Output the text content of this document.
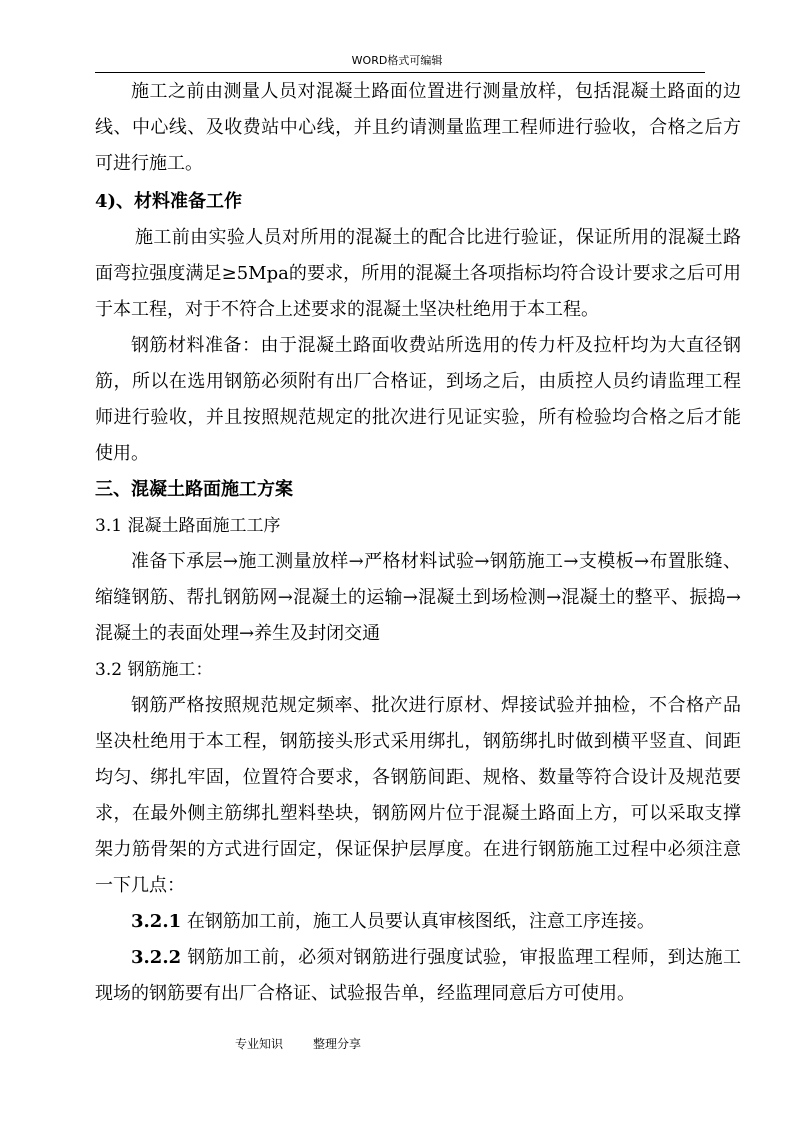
WORD格式可编辑

施工之前由测量人员对混凝土路面位置进行测量放样，包括混凝土路面的边线、中心线、及收费站中心线，并且约请测量监理工程师进行验收，合格之后方可进行施工。

4)、材料准备工作

施工前由实验人员对所用的混凝土的配合比进行验证，保证所用的混凝土路面弯拉强度满足≥5Mpa的要求，所用的混凝土各项指标均符合设计要求之后可用于本工程，对于不符合上述要求的混凝土坚决杜绝用于本工程。

钢筋材料准备：由于混凝土路面收费站所选用的传力杆及拉杆均为大直径钢筋，所以在选用钢筋必须附有出厂合格证，到场之后，由质控人员约请监理工程师进行验收，并且按照规范规定的批次进行见证实验，所有检验均合格之后才能使用。

三、混凝土路面施工方案

3.1 混凝土路面施工工序

准备下承层→施工测量放样→严格材料试验→钢筋施工→支模板→布置胀缝、缩缝钢筋、帮扎钢筋网→混凝土的运输→混凝土到场检测→混凝土的整平、振捣→混凝土的表面处理→养生及封闭交通

3.2 钢筋施工：

钢筋严格按照规范规定频率、批次进行原材、焊接试验并抽检，不合格产品坚决杜绝用于本工程，钢筋接头形式采用绑扎，钢筋绑扎时做到横平竖直、间距均匀、绑扎牢固，位置符合要求，各钢筋间距、规格、数量等符合设计及规范要求，在最外侧主筋绑扎塑料垫块，钢筋网片位于混凝土路面上方，可以采取支撑架力筋骨架的方式进行固定，保证保护层厚度。在进行钢筋施工过程中必须注意一下几点：

3.2.1 在钢筋加工前，施工人员要认真审核图纸，注意工序连接。

3.2.2 钢筋加工前，必须对钢筋进行强度试验，审报监理工程师，到达施工现场的钢筋要有出厂合格证、试验报告单，经监理同意后方可使用。

专业知识	整理分享
